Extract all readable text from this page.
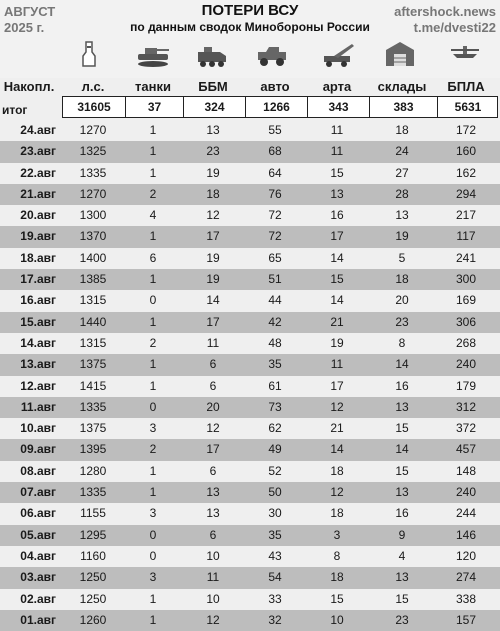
АВГУСТ
2025 г.
ПОТЕРИ ВСУ
по данным сводок Минобороны России
aftershock.news
t.me/dvesti22
Накопл.	л.с.	танки	ББМ	авто	арта	склады	БПЛА
итог	31605	37	324	1266	343	383	5631
24.авг	1270	1	13	55	11	18	172
23.авг	1325	1	23	68	11	24	160
22.авг	1335	1	19	64	15	27	162
21.авг	1270	2	18	76	13	28	294
20.авг	1300	4	12	72	16	13	217
19.авг	1370	1	17	72	17	19	117
18.авг	1400	6	19	65	14	5	241
17.авг	1385	1	19	51	15	18	300
16.авг	1315	0	14	44	14	20	169
15.авг	1440	1	17	42	21	23	306
14.авг	1315	2	11	48	19	8	268
13.авг	1375	1	6	35	11	14	240
12.авг	1415	1	6	61	17	16	179
11.авг	1335	0	20	73	12	13	312
10.авг	1375	3	12	62	21	15	372
09.авг	1395	2	17	49	14	14	457
08.авг	1280	1	6	52	18	15	148
07.авг	1335	1	13	50	12	13	240
06.авг	1155	3	13	30	18	16	244
05.авг	1295	0	6	35	3	9	146
04.авг	1160	0	10	43	8	4	120
03.авг	1250	3	11	54	18	13	274
02.авг	1250	1	10	33	15	15	338
01.авг	1260	1	12	32	10	23	157
